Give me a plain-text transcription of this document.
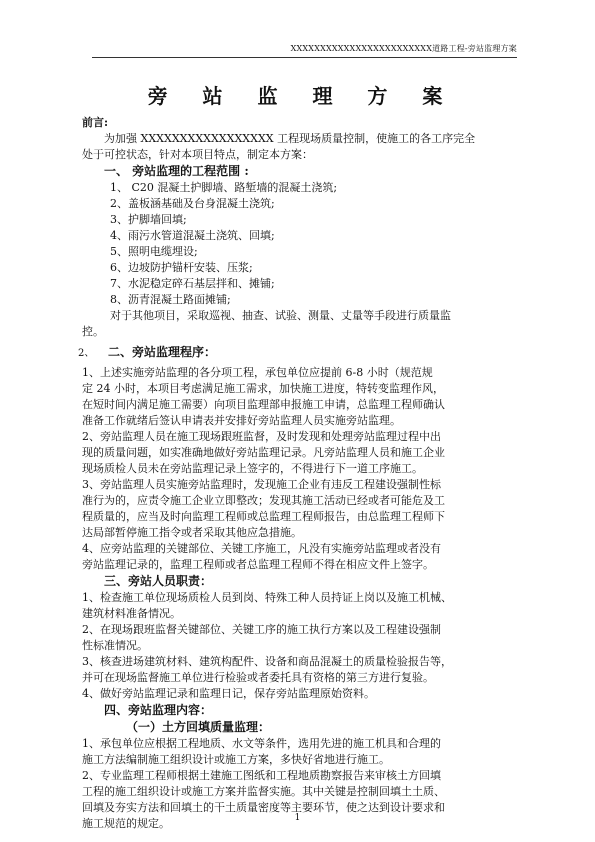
XXXXXXXXXXXXXXXXXXXXXXXX道路工程-旁站监理方案
旁 站 监 理 方 案
前言:
为加强 XXXXXXXXXXXXXXXXX 工程现场质量控制，使施工的各工序完全
处于可控状态，针对本项目特点，制定本方案：
一、 旁站监理的工程范围 :
1、 C20 混凝土护脚墙、路堑墙的混凝土浇筑;
2、盖板涵基础及台身混凝土浇筑;
3、护脚墙回填;
4、雨污水管道混凝土浇筑、回填;
5、照明电缆埋设;
6、边坡防护锚杆安装、压浆;
7、水泥稳定碎石基层拌和、摊铺;
8、沥青混凝土路面摊铺;
对于其他项目，采取巡视、抽查、试验、测量、丈量等手段进行质量监
控。
2、	二、旁站监理程序：
1、上述实施旁站监理的各分项工程，承包单位应提前 6-8 小时（规范规
定 24 小时，本项目考虑满足施工需求，加快施工进度，特转变监理作风，
在短时间内满足施工需要）向项目监理部申报施工申请，总监理工程师确认
准备工作就绪后签认申请表并安排好旁站监理人员实施旁站监理。
2、旁站监理人员在施工现场跟班监督，及时发现和处理旁站监理过程中出
现的质量问题，如实准确地做好旁站监理记录。凡旁站监理人员和施工企业
现场质检人员未在旁站监理记录上签字的，不得进行下一道工序施工。
3、旁站监理人员实施旁站监理时，发现施工企业有违反工程建设强制性标
准行为的，应责令施工企业立即整改；发现其施工活动已经或者可能危及工
程质量的，应当及时向监理工程师或总监理工程师报告，由总监理工程师下
达局部暂停施工指令或者采取其他应急措施。
4、应旁站监理的关键部位、关键工序施工，凡没有实施旁站监理或者没有
旁站监理记录的，监理工程师或者总监理工程师不得在相应文件上签字。
三、旁站人员职责：
1、检查施工单位现场质检人员到岗、特殊工种人员持证上岗以及施工机械、
建筑材料准备情况。
2、在现场跟班监督关键部位、关键工序的施工执行方案以及工程建设强制
性标准情况。
3、核查进场建筑材料、建筑构配件、设备和商品混凝土的质量检验报告等，
并可在现场监督施工单位进行检验或者委托具有资格的第三方进行复验。
4、做好旁站监理记录和监理日记，保存旁站监理原始资料。
四、旁站监理内容：
（一）土方回填质量监理：
1、承包单位应根据工程地质、水文等条件，选用先进的施工机具和合理的
施工方法编制施工组织设计或施工方案，多快好省地进行施工。
2、专业监理工程师根据土建施工图纸和工程地质勘察报告来审核土方回填
工程的施工组织设计或施工方案并监督实施。其中关键是控制回填土土质、
回填及夯实方法和回填土的干土质量密度等主要环节，使之达到设计要求和
施工规范的规定。	1
